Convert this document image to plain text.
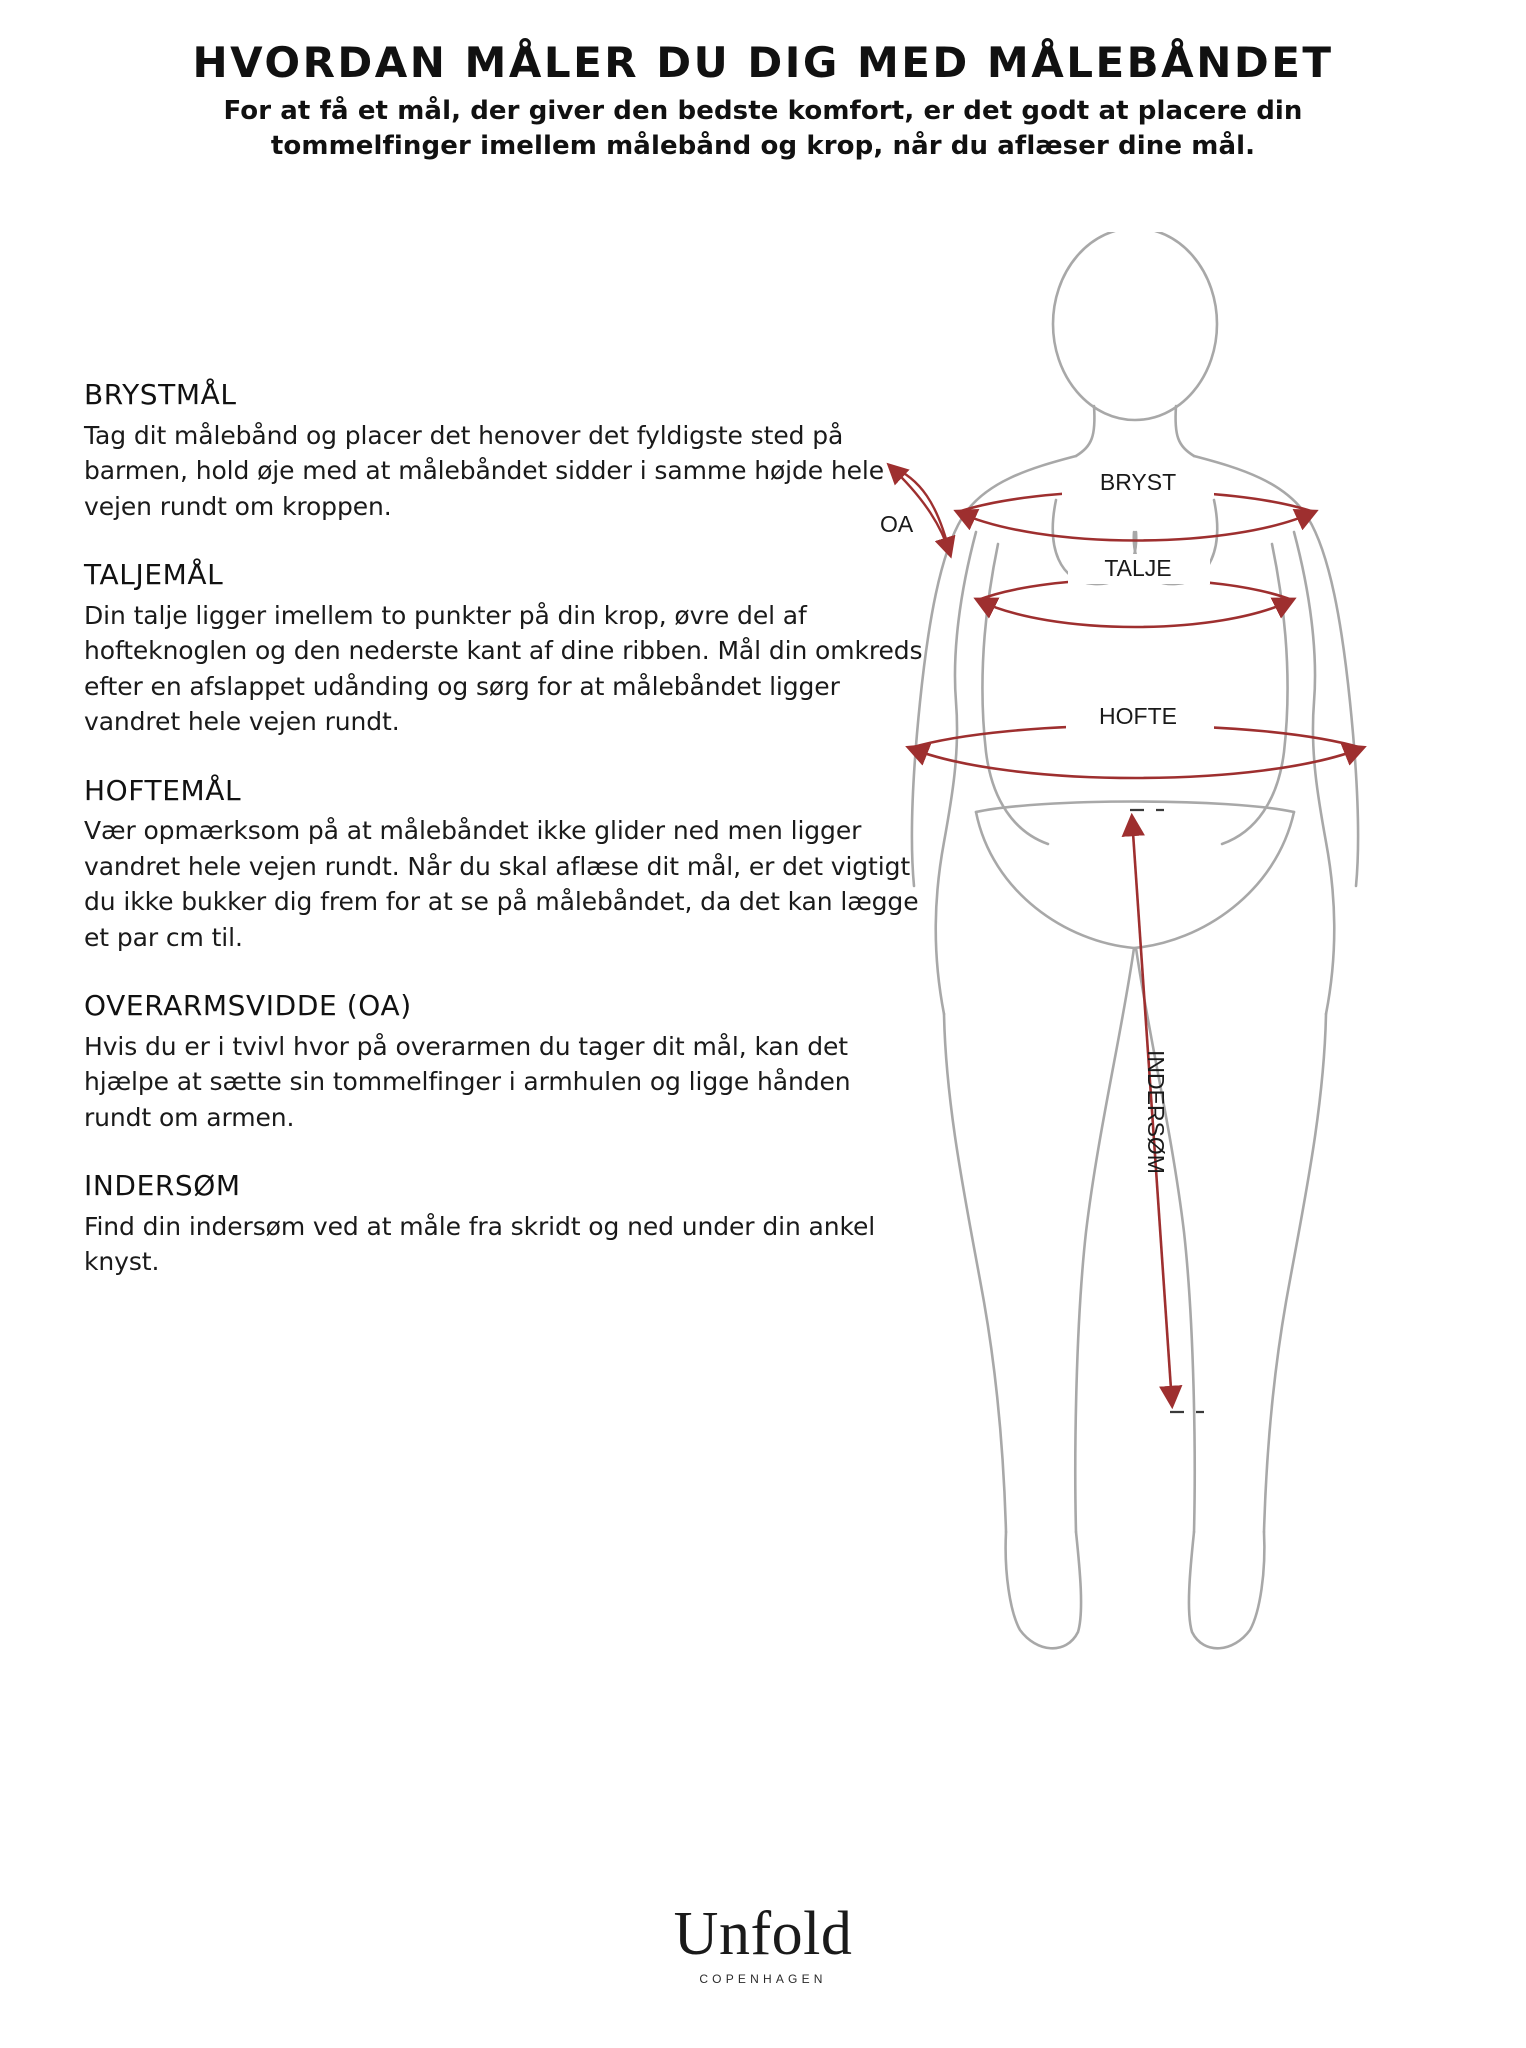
HVORDAN MÅLER DU DIG MED MÅLEBÅNDET

For at få et mål, der giver den bedste komfort, er det godt at placere din tommelfinger imellem målebånd og krop, når du aflæser dine mål.

BRYSTMÅL

Tag dit målebånd og placer det henover det fyldigste sted på barmen, hold øje med at målebåndet sidder i samme højde hele vejen rundt om kroppen.

TALJEMÅL

Din talje ligger imellem to punkter på din krop, øvre del af hofteknoglen og den nederste kant af dine ribben. Mål din omkreds efter en afslappet udånding og sørg for at målebåndet ligger vandret hele vejen rundt.

HOFTEMÅL

Vær opmærksom på at målebåndet ikke glider ned men ligger vandret hele vejen rundt. Når du skal aflæse dit mål, er det vigtigt du ikke bukker dig frem for at se på målebåndet, da det kan lægge et par cm til.

OVERARMSVIDDE (OA)

Hvis du er i tvivl hvor på overarmen du tager dit mål, kan det hjælpe at sætte sin tommelfinger i armhulen og ligge hånden rundt om armen.

INDERSØM

Find din indersøm ved at måle fra skridt og ned under din ankel knyst.

OA
BRYST
TALJE
HOFTE
INDERSØM
Unfold
COPENHAGEN
